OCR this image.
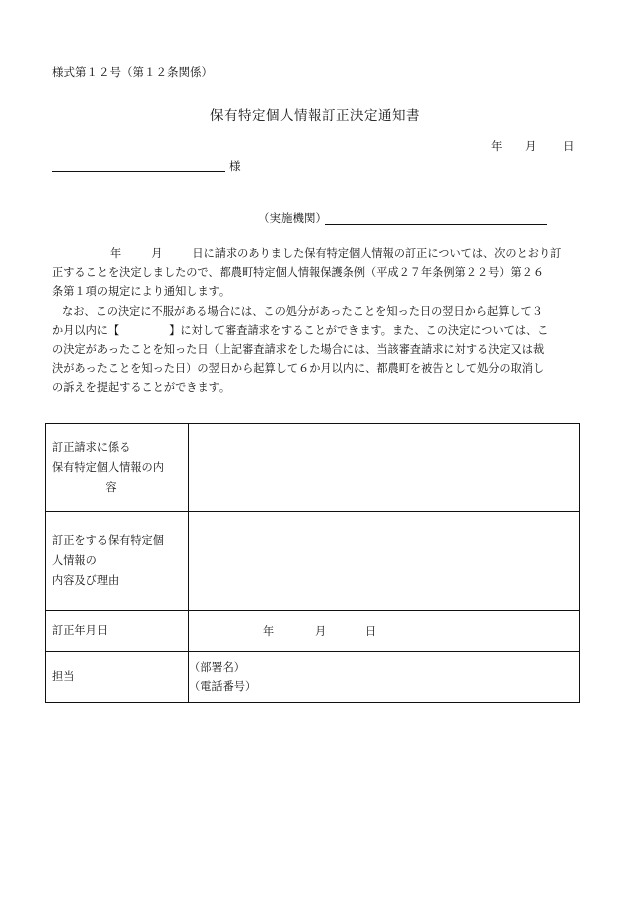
様式第１２号（第１２条関係）
保有特定個人情報訂正決定通知書
年 月 日
様
（実施機関）

年	月	日に請求のありました保有特定個人情報の訂正については、次のとおり訂
正することを決定しましたので、都農町特定個人情報保護条例（平成２７年条例第２２号）第２６
条第１項の規定により通知します。

なお、この決定に不服がある場合には、この処分があったことを知った日の翌日から起算して３
か月以内に【	】に対して審査請求をすることができます。また、この決定については、こ
の決定があったことを知った日（上記審査請求をした場合には、当該審査請求に対する決定又は裁
決があったことを知った日）の翌日から起算して６か月以内に、都農町を被告として処分の取消し
の訴えを提起することができます。

訂正請求に係る
保有特定個人情報の内
容	

訂正をする保有特定個
人情報の
内容及び理由	

訂正年月日	年 月 日

担当	（部署名）
（電話番号）
